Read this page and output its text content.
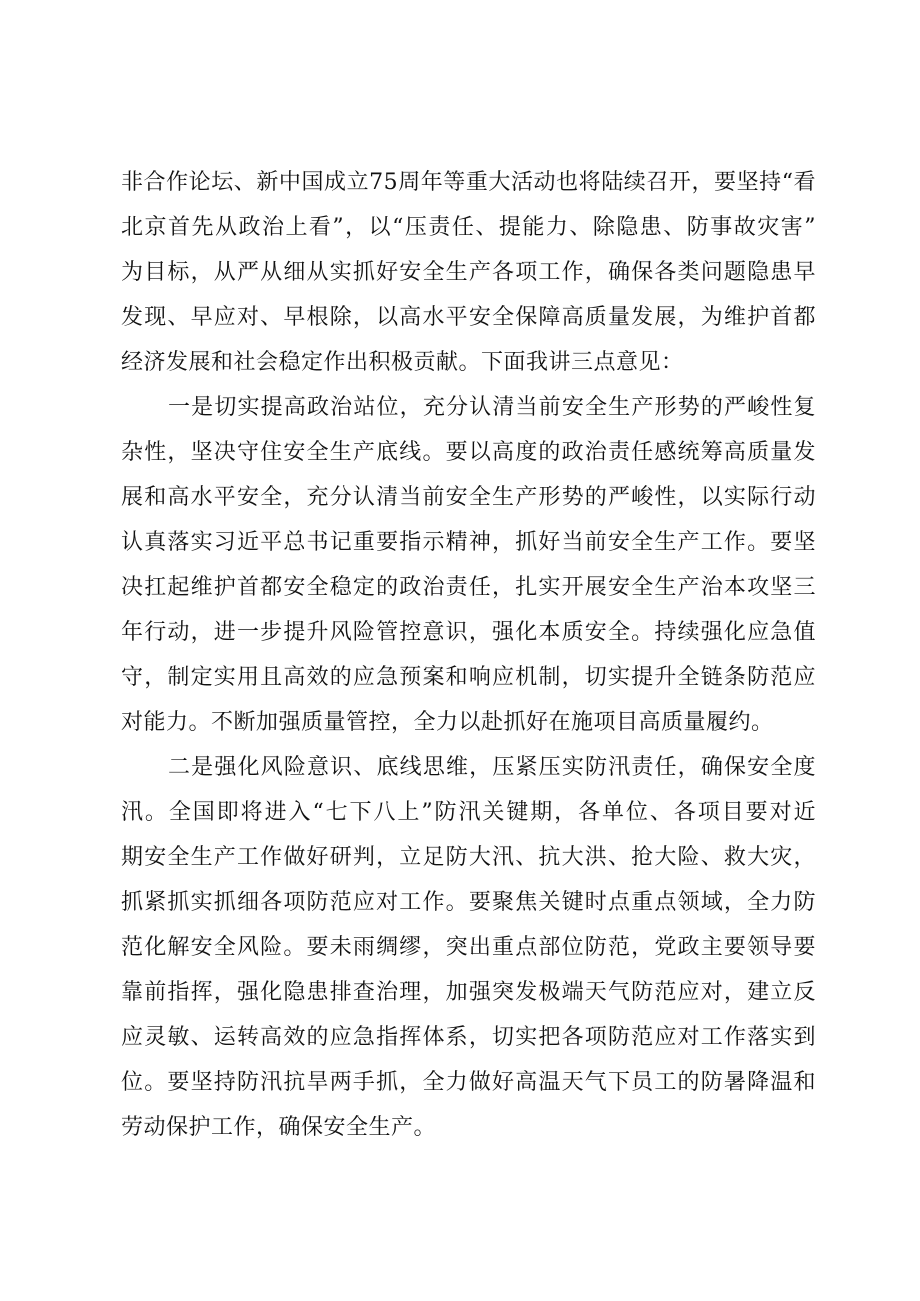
非合作论坛、新中国成立75周年等重大活动也将陆续召开，要坚持“看
北京首先从政治上看”，以“压责任、提能力、除隐患、防事故灾害”
为目标，从严从细从实抓好安全生产各项工作，确保各类问题隐患早
发现、早应对、早根除，以高水平安全保障高质量发展，为维护首都
经济发展和社会稳定作出积极贡献。下面我讲三点意见：
一是切实提高政治站位，充分认清当前安全生产形势的严峻性复
杂性，坚决守住安全生产底线。要以高度的政治责任感统筹高质量发
展和高水平安全，充分认清当前安全生产形势的严峻性，以实际行动
认真落实习近平总书记重要指示精神，抓好当前安全生产工作。要坚
决扛起维护首都安全稳定的政治责任，扎实开展安全生产治本攻坚三
年行动，进一步提升风险管控意识，强化本质安全。持续强化应急值
守，制定实用且高效的应急预案和响应机制，切实提升全链条防范应
对能力。不断加强质量管控，全力以赴抓好在施项目高质量履约。
二是强化风险意识、底线思维，压紧压实防汛责任，确保安全度
汛。全国即将进入“七下八上”防汛关键期，各单位、各项目要对近
期安全生产工作做好研判，立足防大汛、抗大洪、抢大险、救大灾，
抓紧抓实抓细各项防范应对工作。要聚焦关键时点重点领域，全力防
范化解安全风险。要未雨绸缪，突出重点部位防范，党政主要领导要
靠前指挥，强化隐患排查治理，加强突发极端天气防范应对，建立反
应灵敏、运转高效的应急指挥体系，切实把各项防范应对工作落实到
位。要坚持防汛抗旱两手抓，全力做好高温天气下员工的防暑降温和
劳动保护工作，确保安全生产。
